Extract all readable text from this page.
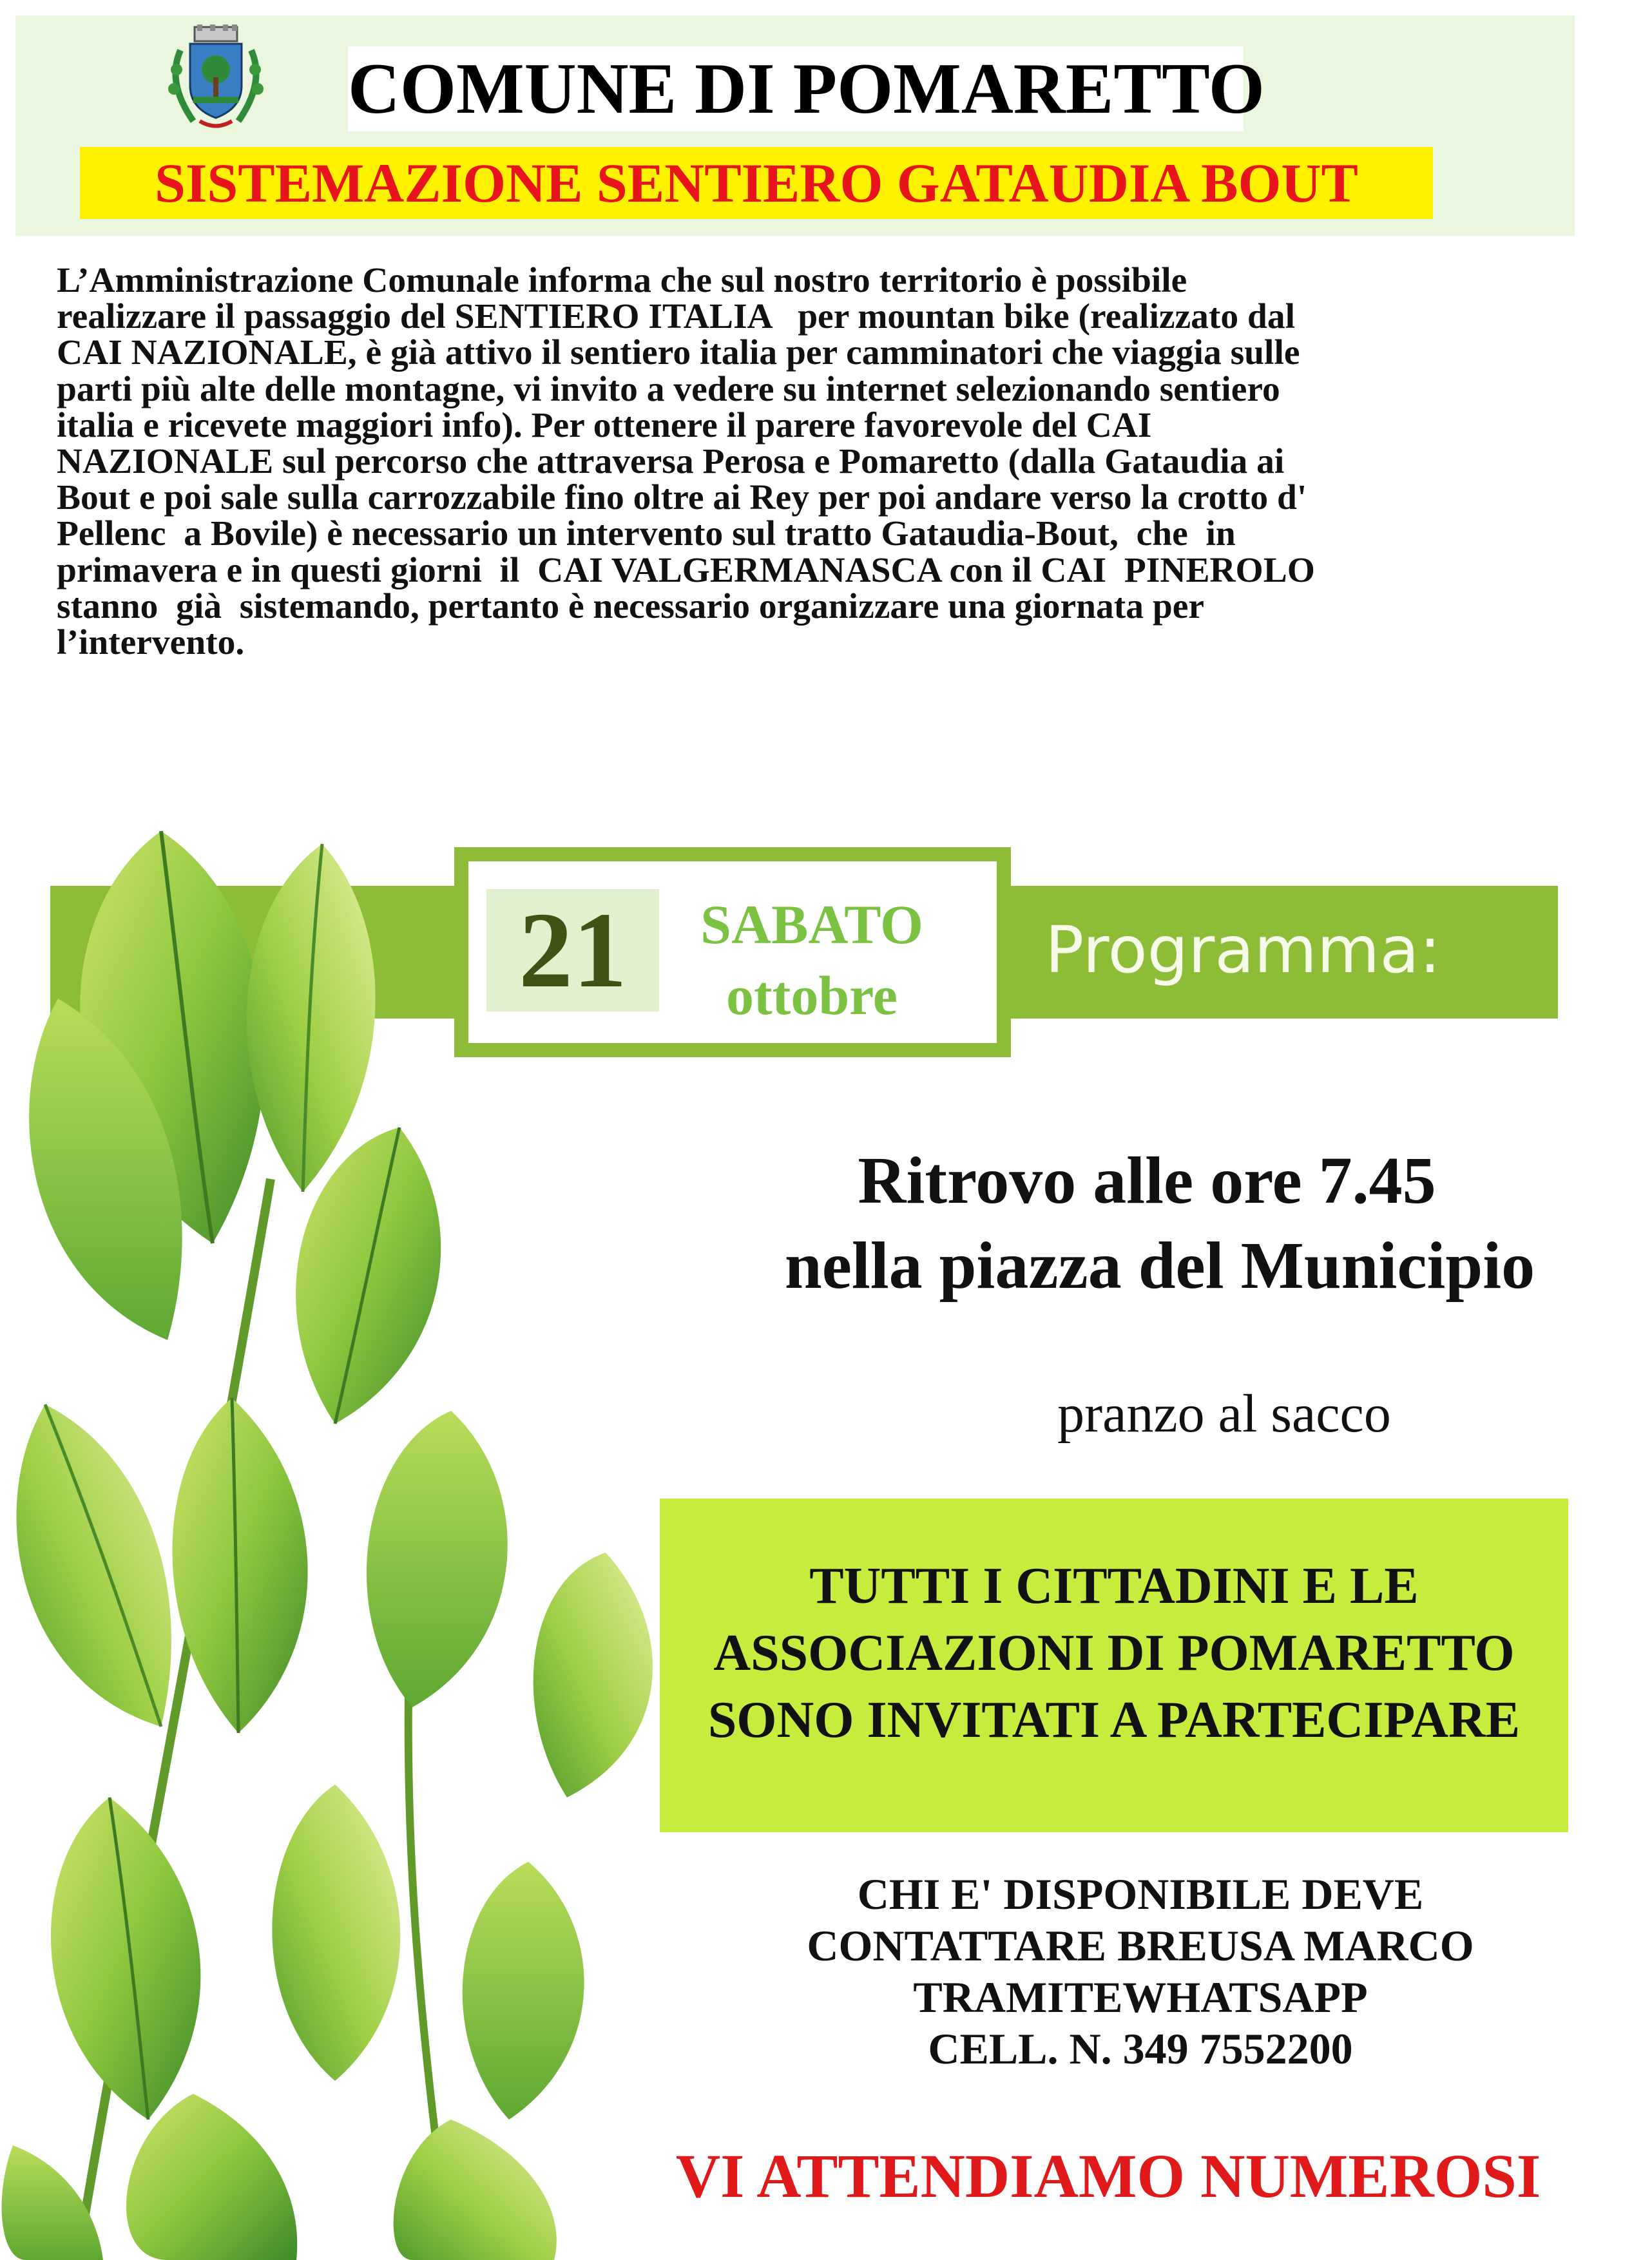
COMUNE DI POMARETTO
SISTEMAZIONE SENTIERO GATAUDIA BOUT
L’Amministrazione Comunale informa che sul nostro territorio è possibile
realizzare il passaggio del SENTIERO ITALIA   per mountan bike (realizzato dal
CAI NAZIONALE, è già attivo il sentiero italia per camminatori che viaggia sulle
parti più alte delle montagne, vi invito a vedere su internet selezionando sentiero
italia e ricevete maggiori info). Per ottenere il parere favorevole del CAI
NAZIONALE sul percorso che attraversa Perosa e Pomaretto (dalla Gataudia ai
Bout e poi sale sulla carrozzabile fino oltre ai Rey per poi andare verso la crotto d'
Pellenc  a Bovile) è necessario un intervento sul tratto Gataudia-Bout,  che  in
primavera e in questi giorni  il  CAI VALGERMANASCA con il CAI  PINEROLO
stanno  già  sistemando, pertanto è necessario organizzare una giornata per
l’intervento.
21	SABATO
ottobre
Programma:
Ritrovo alle ore 7.45
nella piazza del Municipio
pranzo al sacco
TUTTI I CITTADINI E LE
ASSOCIAZIONI DI POMARETTO
SONO INVITATI A PARTECIPARE
CHI E' DISPONIBILE DEVE
CONTATTARE BREUSA MARCO
TRAMITEWHATSAPP
CELL. N. 349 7552200
VI ATTENDIAMO NUMEROSI
